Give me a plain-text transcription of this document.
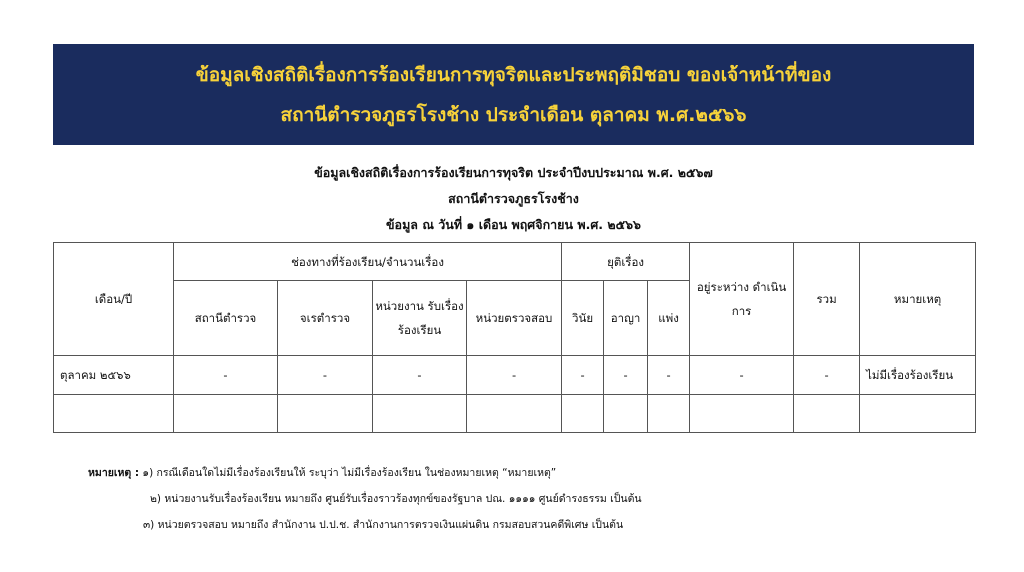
ข้อมูลเชิงสถิติเรื่องการร้องเรียนการทุจริตและประพฤติมิชอบ ของเจ้าหน้าที่ของ
สถานีตำรวจภูธรโรงช้าง ประจำเดือน ตุลาคม พ.ศ.๒๕๖๖
ข้อมูลเชิงสถิติเรื่องการร้องเรียนการทุจริต ประจำปีงบประมาณ พ.ศ. ๒๕๖๗
สถานีตำรวจภูธรโรงช้าง
ข้อมูล ณ วันที่ ๑ เดือน พฤศจิกายน พ.ศ. ๒๕๖๖
เดือน/ปี	ช่องทางที่ร้องเรียน/จำนวนเรื่อง				ยุติเรื่อง			อยู่ระหว่าง ดำเนินการ	รวม	หมายเหตุ
	สถานีตำรวจ	จเรตำรวจ	หน่วยงาน รับเรื่อง ร้องเรียน	หน่วยตรวจสอบ	วินัย	อาญา	แพ่ง			
ตุลาคม ๒๕๖๖	-	-	-	-	-	-	-	-	-	ไม่มีเรื่องร้องเรียน

หมายเหตุ : ๑) กรณีเดือนใดไม่มีเรื่องร้องเรียนให้ ระบุว่า ไม่มีเรื่องร้องเรียน ในช่องหมายเหตุ “หมายเหตุ”
๒) หน่วยงานรับเรื่องร้องเรียน หมายถึง ศูนย์รับเรื่องราวร้องทุกข์ของรัฐบาล ปณ. ๑๑๑๑ ศูนย์ดำรงธรรม เป็นต้น
๓) หน่วยตรวจสอบ หมายถึง สำนักงาน ป.ป.ช. สำนักงานการตรวจเงินแผ่นดิน กรมสอบสวนคดีพิเศษ เป็นต้น
